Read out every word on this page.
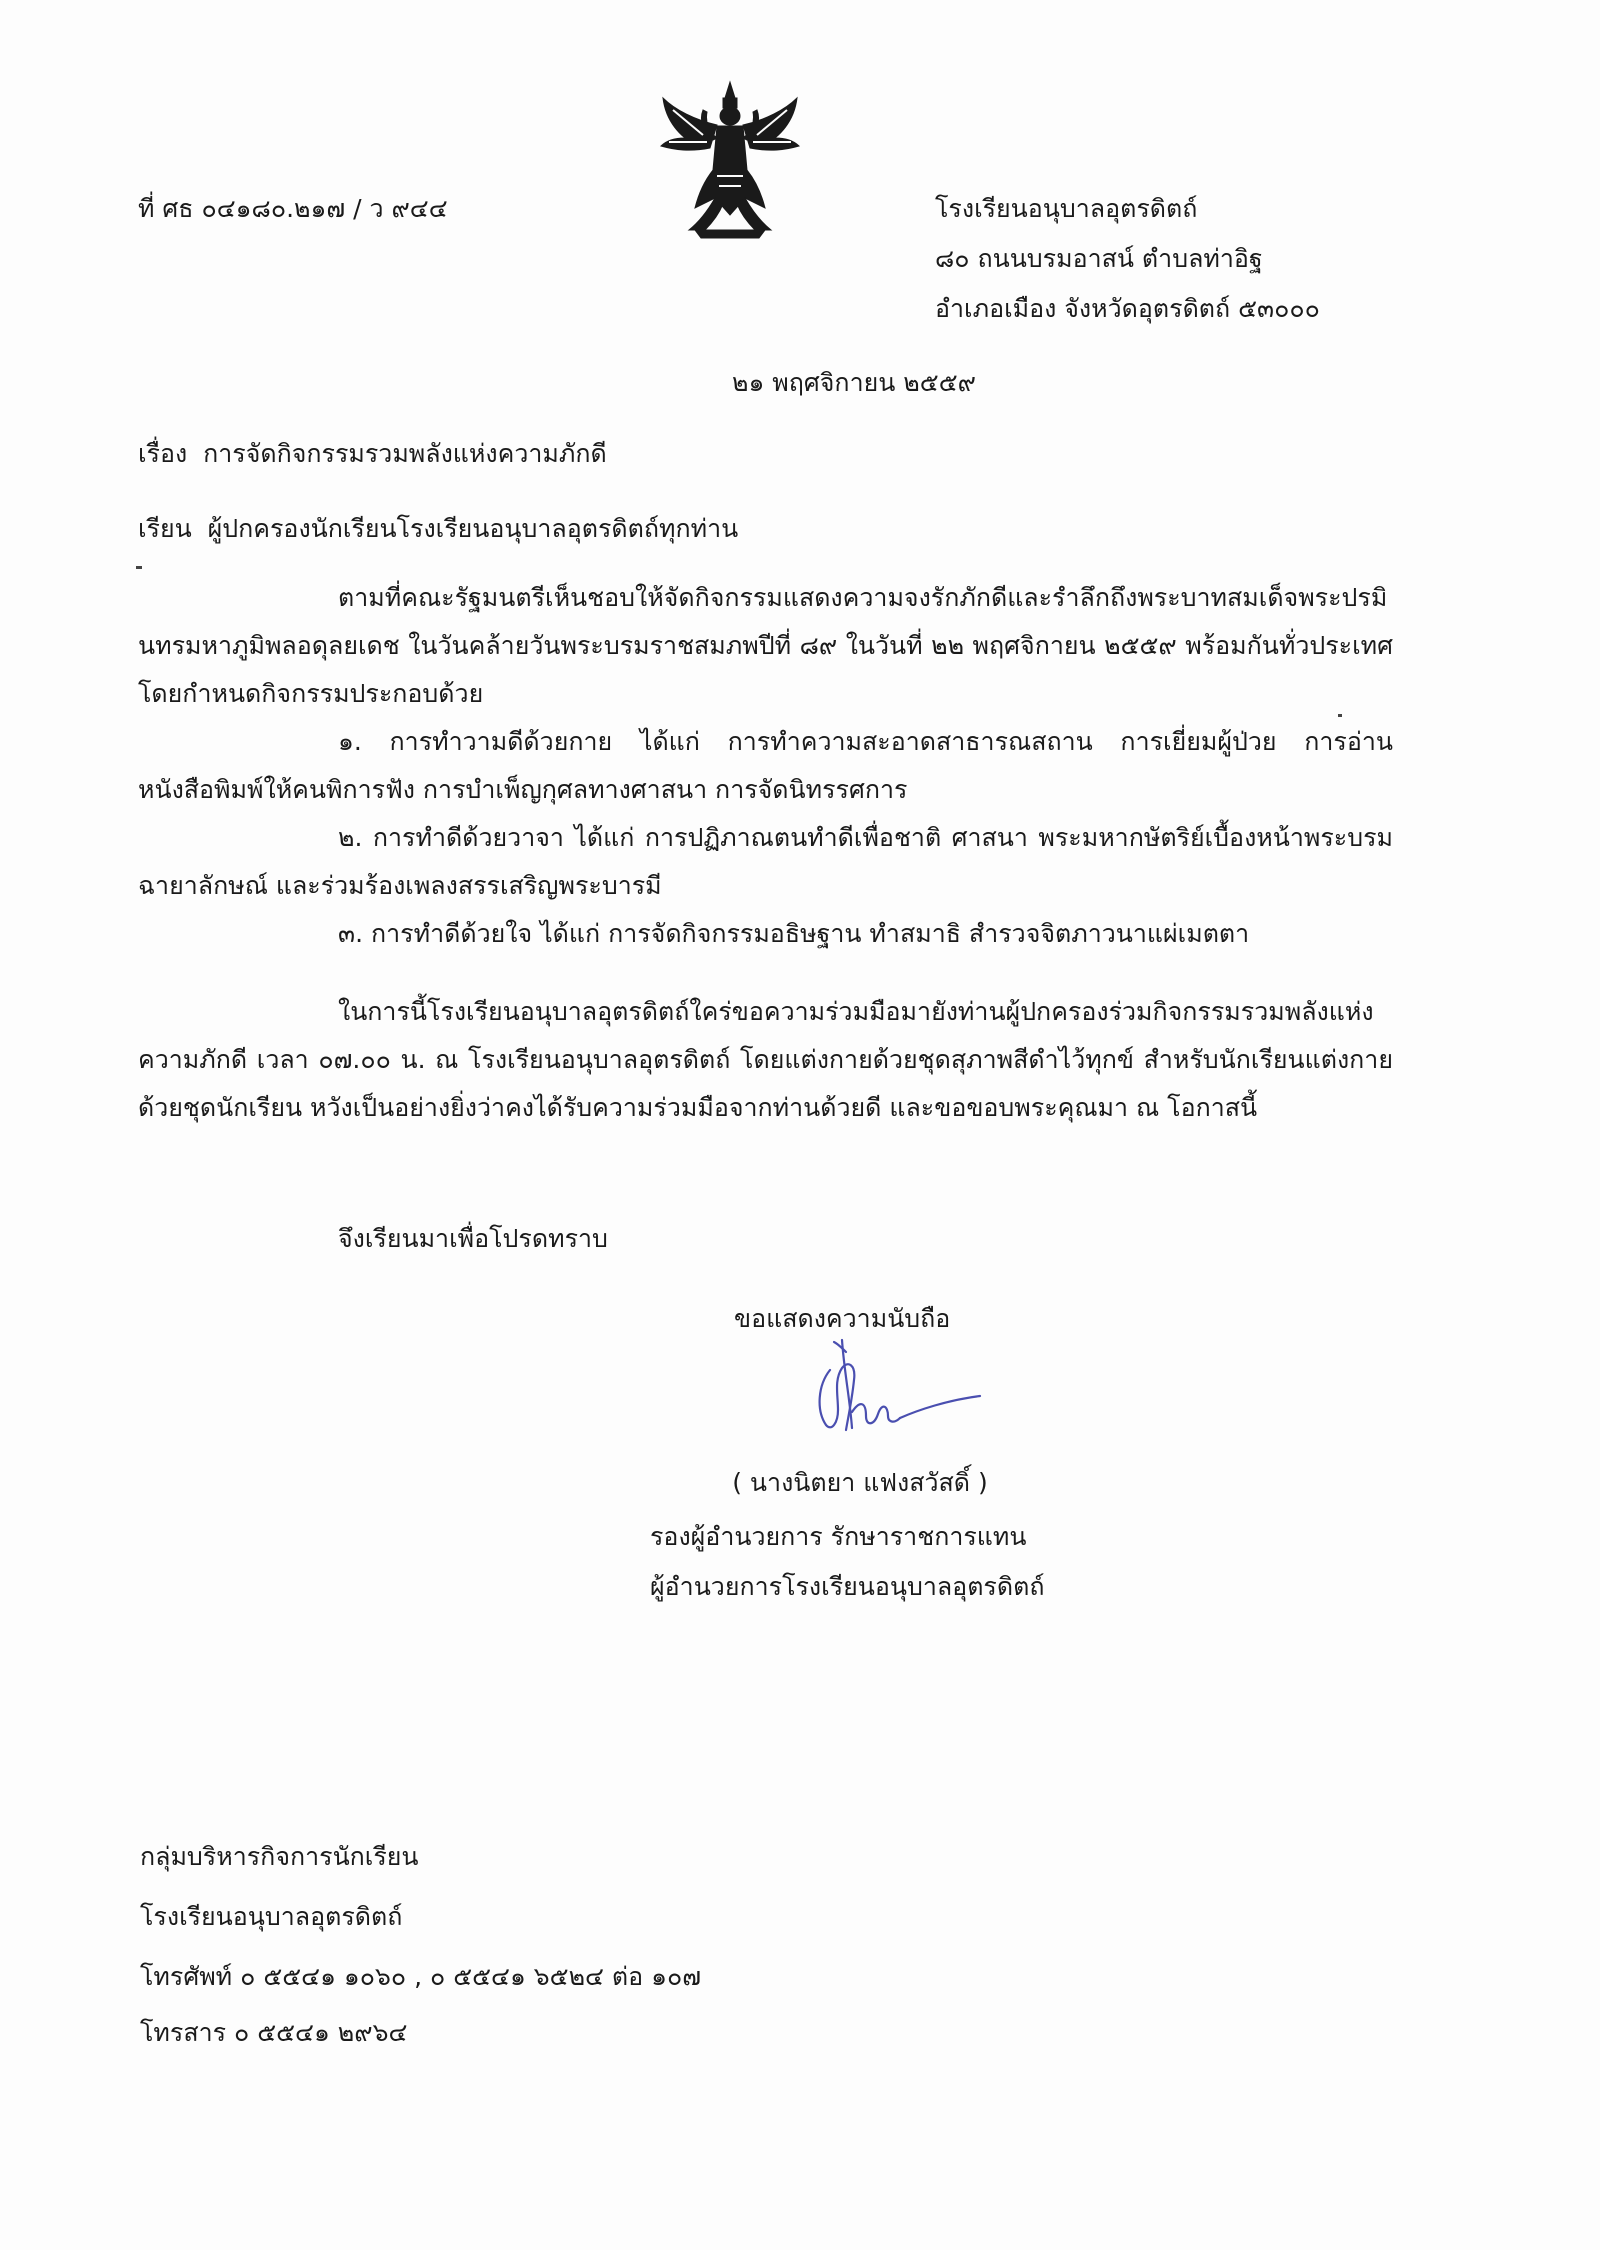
ที่ ศธ ๐๔๑๘๐.๒๑๗ / ว ๙๔๔	โรงเรียนอนุบาลอุตรดิตถ์
๘๐ ถนนบรมอาสน์ ตำบลท่าอิฐ
อำเภอเมือง จังหวัดอุตรดิตถ์ ๕๓๐๐๐
๒๑ พฤศจิกายน ๒๕๕๙
เรื่อง การจัดกิจกรรมรวมพลังแห่งความภักดี
เรียน ผู้ปกครองนักเรียนโรงเรียนอนุบาลอุตรดิตถ์ทุกท่าน

ตามที่คณะรัฐมนตรีเห็นชอบให้จัดกิจกรรมแสดงความจงรักภักดีและรำลึกถึงพระบาทสมเด็จพระปรมินทรมหาภูมิพลอดุลยเดช ในวันคล้ายวันพระบรมราชสมภพปีที่ ๘๙ ในวันที่ ๒๒ พฤศจิกายน ๒๕๕๙ พร้อมกันทั่วประเทศ โดยกำหนดกิจกรรมประกอบด้วย

๑. การทำวามดีด้วยกาย ได้แก่ การทำความสะอาดสาธารณสถาน การเยี่ยมผู้ป่วย การอ่านหนังสือพิมพ์ให้คนพิการฟัง การบำเพ็ญกุศลทางศาสนา การจัดนิทรรศการ

๒. การทำดีด้วยวาจา ได้แก่ การปฏิภาณตนทำดีเพื่อชาติ ศาสนา พระมหากษัตริย์เบื้องหน้าพระบรมฉายาลักษณ์ และร่วมร้องเพลงสรรเสริญพระบารมี

๓. การทำดีด้วยใจ ได้แก่ การจัดกิจกรรมอธิษฐาน ทำสมาธิ สำรวจจิตภาวนาแผ่เมตตา

ในการนี้โรงเรียนอนุบาลอุตรดิตถ์ใคร่ขอความร่วมมือมายังท่านผู้ปกครองร่วมกิจกรรมรวมพลังแห่งความภักดี เวลา ๐๗.๐๐ น. ณ โรงเรียนอนุบาลอุตรดิตถ์ โดยแต่งกายด้วยชุดสุภาพสีดำไว้ทุกข์ สำหรับนักเรียนแต่งกายด้วยชุดนักเรียน หวังเป็นอย่างยิ่งว่าคงได้รับความร่วมมือจากท่านด้วยดี และขอขอบพระคุณมา ณ โอกาสนี้

จึงเรียนมาเพื่อโปรดทราบ
ขอแสดงความนับถือ
( นางนิตยา แฟงสวัสดิ์ )
รองผู้อำนวยการ รักษาราชการแทน
ผู้อำนวยการโรงเรียนอนุบาลอุตรดิตถ์
กลุ่มบริหารกิจการนักเรียน
โรงเรียนอนุบาลอุตรดิตถ์
โทรศัพท์ ๐ ๕๕๔๑ ๑๐๖๐ , ๐ ๕๕๔๑ ๖๕๒๔ ต่อ ๑๐๗
โทรสาร ๐ ๕๕๔๑ ๒๙๖๔
